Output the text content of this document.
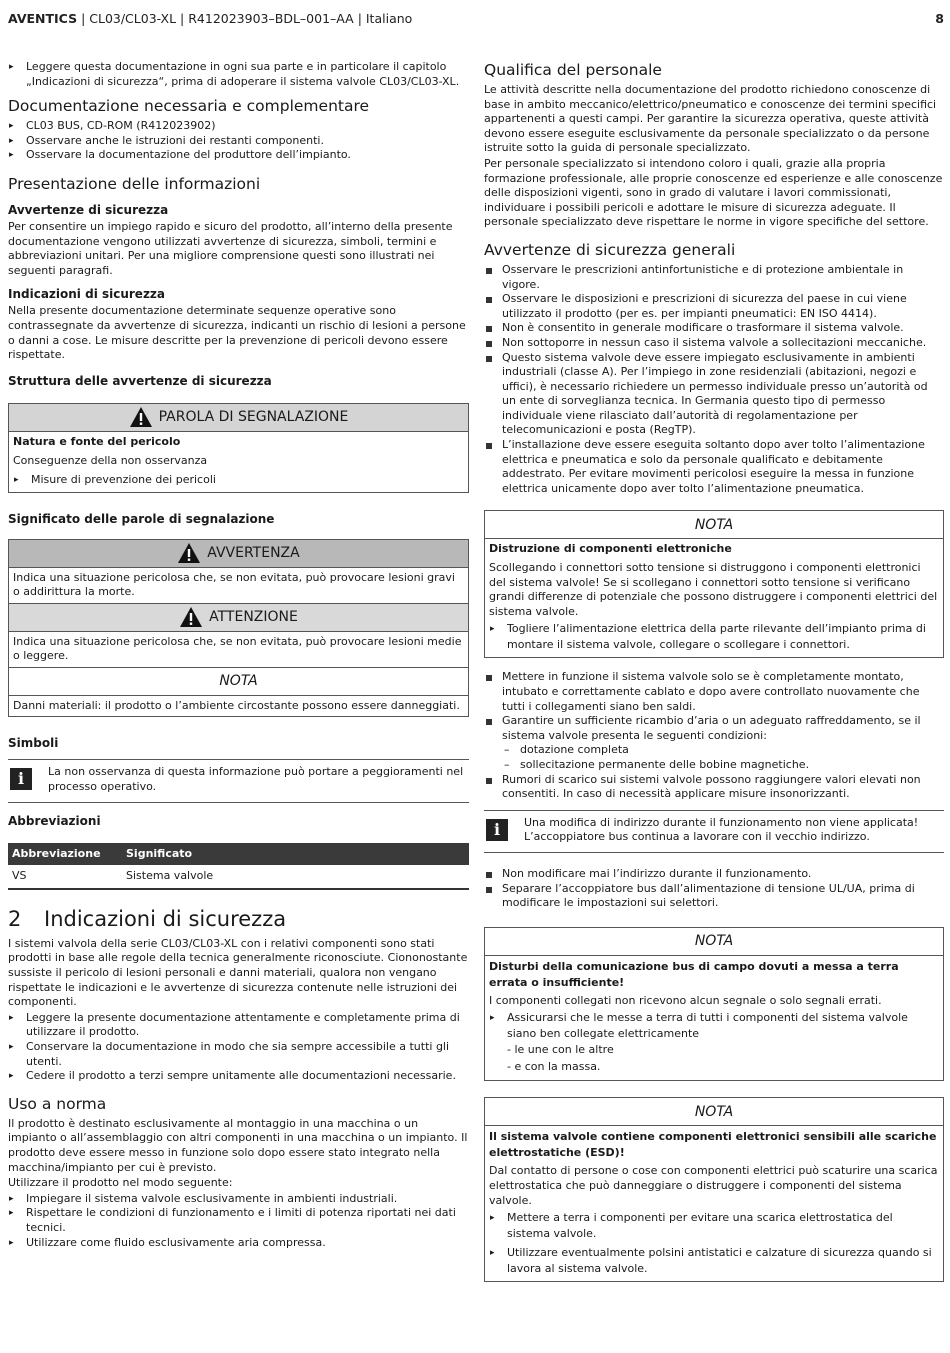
AVENTICS | CL03/CL03-XL | R412023903–BDL–001–AA | Italiano	8
▸ Leggere questa documentazione in ogni sua parte e in particolare il capitolo „Indicazioni di sicurezza“, prima di adoperare il sistema valvole CL03/CL03-XL.
Documentazione necessaria e complementare
▸ CL03 BUS, CD-ROM (R412023902)
▸ Osservare anche le istruzioni dei restanti componenti.
▸ Osservare la documentazione del produttore dell’impianto.
Presentazione delle informazioni
Avvertenze di sicurezza

Per consentire un impiego rapido e sicuro del prodotto, all’interno della presente documentazione vengono utilizzati avvertenze di sicurezza, simboli, termini e abbreviazioni unitari. Per una migliore comprensione questi sono illustrati nei seguenti paragrafi.

Indicazioni di sicurezza

Nella presente documentazione determinate sequenze operative sono contrassegnate da avvertenze di sicurezza, indicanti un rischio di lesioni a persone o danni a cose. Le misure descritte per la prevenzione di pericoli devono essere rispettate.

Struttura delle avvertenze di sicurezza
PAROLA DI SEGNALAZIONE

Natura e fonte del pericolo

Conseguenze della non osservanza

▸ Misure di prevenzione dei pericoli
Significato delle parole di segnalazione
AVVERTENZA
Indica una situazione pericolosa che, se non evitata, può provocare lesioni gravi o addirittura la morte.
ATTENZIONE
Indica una situazione pericolosa che, se non evitata, può provocare lesioni medie o leggere.
NOTA
Danni materiali: il prodotto o l’ambiente circostante possono essere danneggiati.
Simboli
i	La non osservanza di questa informazione può portare a peggioramenti nel processo operativo.

Abbreviazioni
Abbreviazione	Significato
VS	Sistema valvole
2 Indicazioni di sicurezza

I sistemi valvola della serie CL03/CL03-XL con i relativi componenti sono stati prodotti in base alle regole della tecnica generalmente riconosciute. Ciononostante sussiste il pericolo di lesioni personali e danni materiali, qualora non vengano rispettate le indicazioni e le avvertenze di sicurezza contenute nelle istruzioni dei componenti.

▸ Leggere la presente documentazione attentamente e completamente prima di utilizzare il prodotto.
▸ Conservare la documentazione in modo che sia sempre accessibile a tutti gli utenti.
▸ Cedere il prodotto a terzi sempre unitamente alle documentazioni necessarie.
Uso a norma

Il prodotto è destinato esclusivamente al montaggio in una macchina o un impianto o all’assemblaggio con altri componenti in una macchina o un impianto. Il prodotto deve essere messo in funzione solo dopo essere stato integrato nella macchina/impianto per cui è previsto.

Utilizzare il prodotto nel modo seguente:

▸ Impiegare il sistema valvole esclusivamente in ambienti industriali.
▸ Rispettare le condizioni di funzionamento e i limiti di potenza riportati nei dati tecnici.
▸ Utilizzare come fluido esclusivamente aria compressa.
Qualifica del personale

Le attività descritte nella documentazione del prodotto richiedono conoscenze di base in ambito meccanico/elettrico/pneumatico e conoscenze dei termini specifici appartenenti a questi campi. Per garantire la sicurezza operativa, queste attività devono essere eseguite esclusivamente da personale specializzato o da persone istruite sotto la guida di personale specializzato.

Per personale specializzato si intendono coloro i quali, grazie alla propria formazione professionale, alle proprie conoscenze ed esperienze e alle conoscenze delle disposizioni vigenti, sono in grado di valutare i lavori commissionati, individuare i possibili pericoli e adottare le misure di sicurezza adeguate. Il personale specializzato deve rispettare le norme in vigore specifiche del settore.

Avvertenze di sicurezza generali
Osservare le prescrizioni antinfortunistiche e di protezione ambientale in vigore.
Osservare le disposizioni e prescrizioni di sicurezza del paese in cui viene utilizzato il prodotto (per es. per impianti pneumatici: EN ISO 4414).
Non è consentito in generale modificare o trasformare il sistema valvole.
Non sottoporre in nessun caso il sistema valvole a sollecitazioni meccaniche.
Questo sistema valvole deve essere impiegato esclusivamente in ambienti industriali (classe A). Per l’impiego in zone residenziali (abitazioni, negozi e uffici), è necessario richiedere un permesso individuale presso un’autorità od un ente di sorveglianza tecnica. In Germania questo tipo di permesso individuale viene rilasciato dall’autorità di regolamentazione per telecomunicazioni e posta (RegTP).
L’installazione deve essere eseguita soltanto dopo aver tolto l’alimentazione elettrica e pneumatica e solo da personale qualificato e debitamente addestrato. Per evitare movimenti pericolosi eseguire la messa in funzione elettrica unicamente dopo aver tolto l’alimentazione pneumatica.
NOTA

Distruzione di componenti elettroniche

Scollegando i connettori sotto tensione si distruggono i componenti elettronici del sistema valvole! Se si scollegano i connettori sotto tensione si verificano grandi differenze di potenziale che possono distruggere i componenti elettrici del sistema valvole.

▸ Togliere l’alimentazione elettrica della parte rilevante dell’impianto prima di montare il sistema valvole, collegare o scollegare i connettori.
Mettere in funzione il sistema valvole solo se è completamente montato, intubato e correttamente cablato e dopo avere controllato nuovamente che tutti i collegamenti siano ben saldi.
Garantire un sufficiente ricambio d’aria o un adeguato raffreddamento, se il sistema valvole presenta le seguenti condizioni:
– dotazione completa
– sollecitazione permanente delle bobine magnetiche.
Rumori di scarico sui sistemi valvole possono raggiungere valori elevati non consentiti. In caso di necessità applicare misure insonorizzanti.
i	Una modifica di indirizzo durante il funzionamento non viene applicata! L’accoppiatore bus continua a lavorare con il vecchio indirizzo.

Non modificare mai l’indirizzo durante il funzionamento.
Separare l’accoppiatore bus dall’alimentazione di tensione UL/UA, prima di modificare le impostazioni sui selettori.
NOTA

Disturbi della comunicazione bus di campo dovuti a messa a terra errata o insufficiente!

I componenti collegati non ricevono alcun segnale o solo segnali errati.

▸ Assicurarsi che le messe a terra di tutti i componenti del sistema valvole siano ben collegate elettricamente

- le une con le altre

- e con la massa.

NOTA

Il sistema valvole contiene componenti elettronici sensibili alle scariche elettrostatiche (ESD)!

Dal contatto di persone o cose con componenti elettrici può scaturire una scarica elettrostatica che può danneggiare o distruggere i componenti del sistema valvole.

▸ Mettere a terra i componenti per evitare una scarica elettrostatica del sistema valvole.
▸ Utilizzare eventualmente polsini antistatici e calzature di sicurezza quando si lavora al sistema valvole.
